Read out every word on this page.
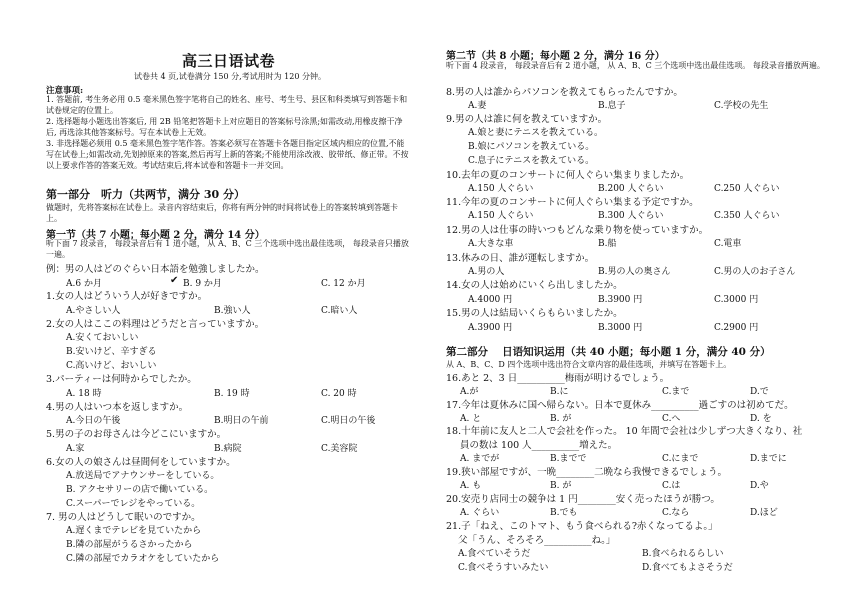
高三日语试卷
试卷共 4 页,试卷满分 150 分,考试用时为 120 分钟。
注意事项:
1. 答题前, 考生务必用 0.5 毫米黑色签字笔将自己的姓名、座号、考生号、县区和科类填写到答题卡和试卷规定的位置上。
2. 选择题每小题选出答案后, 用 2B 铅笔把答题卡上对应题目的答案标号涂黑;如需改动,用橡皮擦干净后, 再选涂其他答案标号。写在本试卷上无效。
3. 非选择题必须用 0.5 毫米黑色签字笔作答。答案必须写在答题卡各题目指定区域内相应的位置,不能写在试卷上;如需改动,先划掉原来的答案,然后再写上新的答案;不能使用涂改液、胶带纸、修正带。不按以上要求作答的答案无效。考试结束后,将本试卷和答题卡一并交回。
第一部分　听力（共两节，满分 30 分）
做题时，先将答案标在试卷上。录音内容结束后，你将有两分钟的时间将试卷上的答案转填到答题卡上。
第一节（共 7 小题；每小题 2 分，满分 14 分）
听下面 7 段录音， 每段录音后有 1 道小题， 从 A、B、C 三个选项中选出最佳选项， 每段录音只播放一遍。
例：男の人はどのぐらい日本語を勉強しましたか。
A.6 か月	✔ B. 9 か月	C. 12 か月
1.女の人はどういう人が好きですか。
A.やさしい人	B.強い人	C.暗い人
2.女の人はここの料理はどうだと言っていますか。
A.安くておいしい
B.安いけど、辛すぎる
C.高いけど、おいしい
3.パーティーは何時からでしたか。
A. 18 時	B. 19 時	C. 20 時
4.男の人はいつ本を返しますか。
A.今日の午後	B.明日の午前	C.明日の午後
5.男の子のお母さんは今どこにいますか。
A.家	B.病院	C.美容院
6.女の人の娘さんは昼間何をしていますか。
A.放送局でアナウンサーをしている。
B. アクセサリーの店で働いている。
C.スーパーでレジをやっている。
7. 男の人はどうして眠いのですか。
A.遅くまでテレビを見ていたから
B.隣の部屋がうるさかったから
C.隣の部屋でカラオケをしていたから
第二节（共 8 小题；每小题 2 分，满分 16 分）
听下面 4 段录音， 每段录音后有 2 道小题， 从 A、B、C 三个选项中选出最佳选项。 每段录音播放两遍。
8.男の人は誰からパソコンを教えてもらったんですか。
A.妻	B.息子	C.学校の先生
9.男の人は誰に何を教えていますか。
A.娘と妻にテニスを教えている。
B.娘にパソコンを教えている。
C.息子にテニスを教えている。
10.去年の夏のコンサートに何人ぐらい集まりましたか。
A.150 人ぐらい	B.200 人ぐらい	C.250 人ぐらい
11.今年の夏のコンサートに何人ぐらい集まる予定ですか。
A.150 人ぐらい	B.300 人ぐらい	C.350 人ぐらい
12.男の人は仕事の時いつもどんな乗り物を使っていますか。
A.大きな車	B.船	C.電車
13.休みの日、誰が運転しますか。
A.男の人	B.男の人の奥さん	C.男の人のお子さん
14.女の人は始めにいくら出しましたか。
A.4000 円	B.3900 円	C.3000 円
15.男の人は結局いくらもらいましたか。
A.3900 円	B.3000 円	C.2900 円
第二部分　 日语知识运用（共 40 小题；每小题 1 分，满分 40 分）
从 A、B、C、D 四个选项中选出符合文章内容的最佳选项，并填写在答题卡上。
16.あと 2、3 日__________梅雨が明けるでしょう。
A.が	B.に	C.まで	D.で
17.今年は夏休みに国へ帰らない。日本で夏休み__________過ごすのは初めてだ。
A. と	B. が	C.へ	D. を
18.十年前に友人と二人で会社を作った。 10 年間で会社は少しずつ大きくなり、社
員の数は 100 人__________増えた。
A. までが	B.までで	C.にまで	D.までに
19.狭い部屋ですが、一晩________二晩なら我慢できるでしょう。
A. も	B. が	C.は	D.や
20.安売り店同士の競争は 1 円________安く売ったほうが勝つ。
A. ぐらい	B.でも	C.なら	D.ほど
21.子「ねえ、このトマト、もう食べられる?赤くなってるよ。」
父「うん、そろそろ__________ね。」
A.食べていそうだ	B.食べられるらしい
C.食べそうすいみたい	D.食べてもよさそうだ
